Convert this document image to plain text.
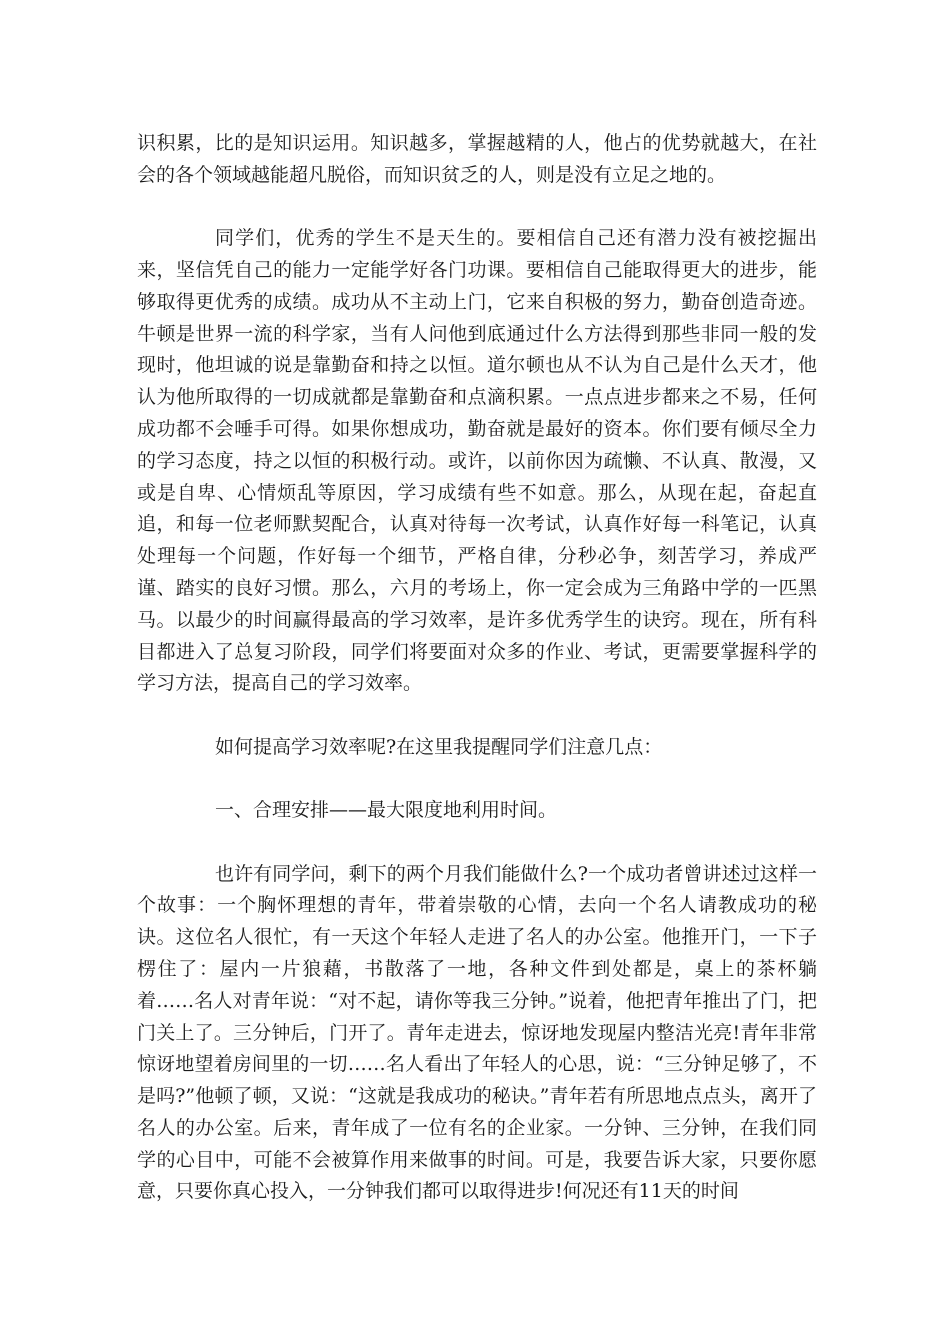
识积累，比的是知识运用。知识越多，掌握越精的人，他占的优势就越大，在社会的各个领域越能超凡脱俗，而知识贫乏的人，则是没有立足之地的。

同学们，优秀的学生不是天生的。要相信自己还有潜力没有被挖掘出来，坚信凭自己的能力一定能学好各门功课。要相信自己能取得更大的进步，能够取得更优秀的成绩。成功从不主动上门，它来自积极的努力，勤奋创造奇迹。牛顿是世界一流的科学家，当有人问他到底通过什么方法得到那些非同一般的发现时，他坦诚的说是靠勤奋和持之以恒。道尔顿也从不认为自己是什么天才，他认为他所取得的一切成就都是靠勤奋和点滴积累。一点点进步都来之不易，任何成功都不会唾手可得。如果你想成功，勤奋就是最好的资本。你们要有倾尽全力的学习态度，持之以恒的积极行动。或许，以前你因为疏懒、不认真、散漫，又或是自卑、心情烦乱等原因，学习成绩有些不如意。那么，从现在起，奋起直追，和每一位老师默契配合，认真对待每一次考试，认真作好每一科笔记，认真处理每一个问题，作好每一个细节，严格自律，分秒必争，刻苦学习，养成严谨、踏实的良好习惯。那么，六月的考场上，你一定会成为三角路中学的一匹黑马。以最少的时间赢得最高的学习效率，是许多优秀学生的诀窍。现在，所有科目都进入了总复习阶段，同学们将要面对众多的作业、考试，更需要掌握科学的学习方法，提高自己的学习效率。

如何提高学习效率呢?在这里我提醒同学们注意几点：

一、合理安排——最大限度地利用时间。

也许有同学问，剩下的两个月我们能做什么?一个成功者曾讲述过这样一个故事：一个胸怀理想的青年，带着崇敬的心情，去向一个名人请教成功的秘诀。这位名人很忙，有一天这个年轻人走进了名人的办公室。他推开门，一下子楞住了：屋内一片狼藉，书散落了一地，各种文件到处都是，桌上的茶杯躺着……名人对青年说：“对不起，请你等我三分钟。”说着，他把青年推出了门，把门关上了。三分钟后，门开了。青年走进去，惊讶地发现屋内整洁光亮!青年非常惊讶地望着房间里的一切……名人看出了年轻人的心思，说：“三分钟足够了，不是吗?”他顿了顿，又说：“这就是我成功的秘诀。”青年若有所思地点点头，离开了名人的办公室。后来，青年成了一位有名的企业家。一分钟、三分钟，在我们同学的心目中，可能不会被算作用来做事的时间。可是，我要告诉大家，只要你愿意，只要你真心投入，一分钟我们都可以取得进步!何况还有11天的时间
